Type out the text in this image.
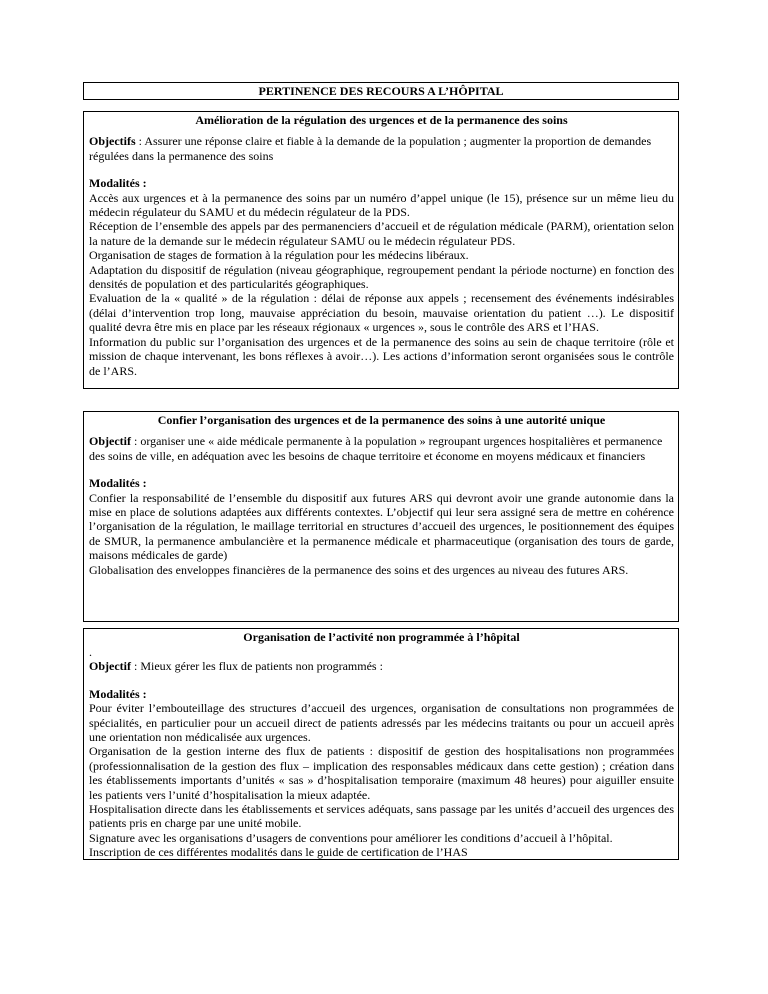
PERTINENCE DES RECOURS A L’HÔPITAL

Amélioration de la régulation des urgences et de la permanence des soins

Objectifs : Assurer une réponse claire et fiable à la demande de la population ; augmenter la proportion de demandes régulées dans la permanence des soins

Modalités :

Accès aux urgences et à la permanence des soins par un numéro d’appel unique (le 15), présence sur un même lieu du médecin régulateur du SAMU et du médecin régulateur de la PDS.

Réception de l’ensemble des appels par des permanenciers d’accueil et de régulation médicale (PARM), orientation selon la nature de la demande sur le médecin régulateur SAMU ou le médecin régulateur PDS.

Organisation de stages de formation à la régulation pour les médecins libéraux.

Adaptation du dispositif de régulation (niveau géographique, regroupement pendant la période nocturne) en fonction des densités de population et des particularités géographiques.

Evaluation de la « qualité » de la régulation : délai de réponse aux appels ; recensement des événements indésirables (délai d’intervention trop long, mauvaise appréciation du besoin, mauvaise orientation du patient …). Le dispositif qualité devra être mis en place par les réseaux régionaux « urgences », sous le contrôle des ARS et l’HAS.

Information du public sur l’organisation des urgences et de la permanence des soins au sein de chaque territoire (rôle et mission de chaque intervenant, les bons réflexes à avoir…). Les actions d’information seront organisées sous le contrôle de l’ARS.

Confier l’organisation des urgences et de la permanence des soins à une autorité unique

Objectif : organiser une « aide médicale permanente à la population » regroupant urgences hospitalières et permanence des soins de ville, en adéquation avec les besoins de chaque territoire et économe en moyens médicaux et financiers

Modalités :

Confier la responsabilité de l’ensemble du dispositif aux futures ARS qui devront avoir une grande autonomie dans la mise en place de solutions adaptées aux différents contextes. L’objectif qui leur sera assigné sera de mettre en cohérence l’organisation de la régulation, le maillage territorial en structures d’accueil des urgences, le positionnement des équipes de SMUR, la permanence ambulancière et la permanence médicale et pharmaceutique (organisation des tours de garde, maisons médicales de garde)

Globalisation des enveloppes financières de la permanence des soins et des urgences au niveau des futures ARS.

Organisation de l’activité non programmée à l’hôpital

.

Objectif : Mieux gérer les flux de patients non programmés :

Modalités :

Pour éviter l’embouteillage des structures d’accueil des urgences, organisation de consultations non programmées de spécialités, en particulier pour un accueil direct de patients adressés par les médecins traitants ou pour un accueil après une orientation non médicalisée aux urgences.

Organisation de la gestion interne des flux de patients : dispositif de gestion des hospitalisations non programmées (professionnalisation de la gestion des flux – implication des responsables médicaux dans cette gestion) ; création dans les établissements importants d’unités « sas » d’hospitalisation temporaire (maximum 48 heures) pour aiguiller ensuite les patients vers l’unité d’hospitalisation la mieux adaptée.

Hospitalisation directe dans les établissements et services adéquats, sans passage par les unités d’accueil des urgences des patients pris en charge par une unité mobile.

Signature avec les organisations d’usagers de conventions pour améliorer les conditions d’accueil à l’hôpital.

Inscription de ces différentes modalités dans le guide de certification de l’HAS
